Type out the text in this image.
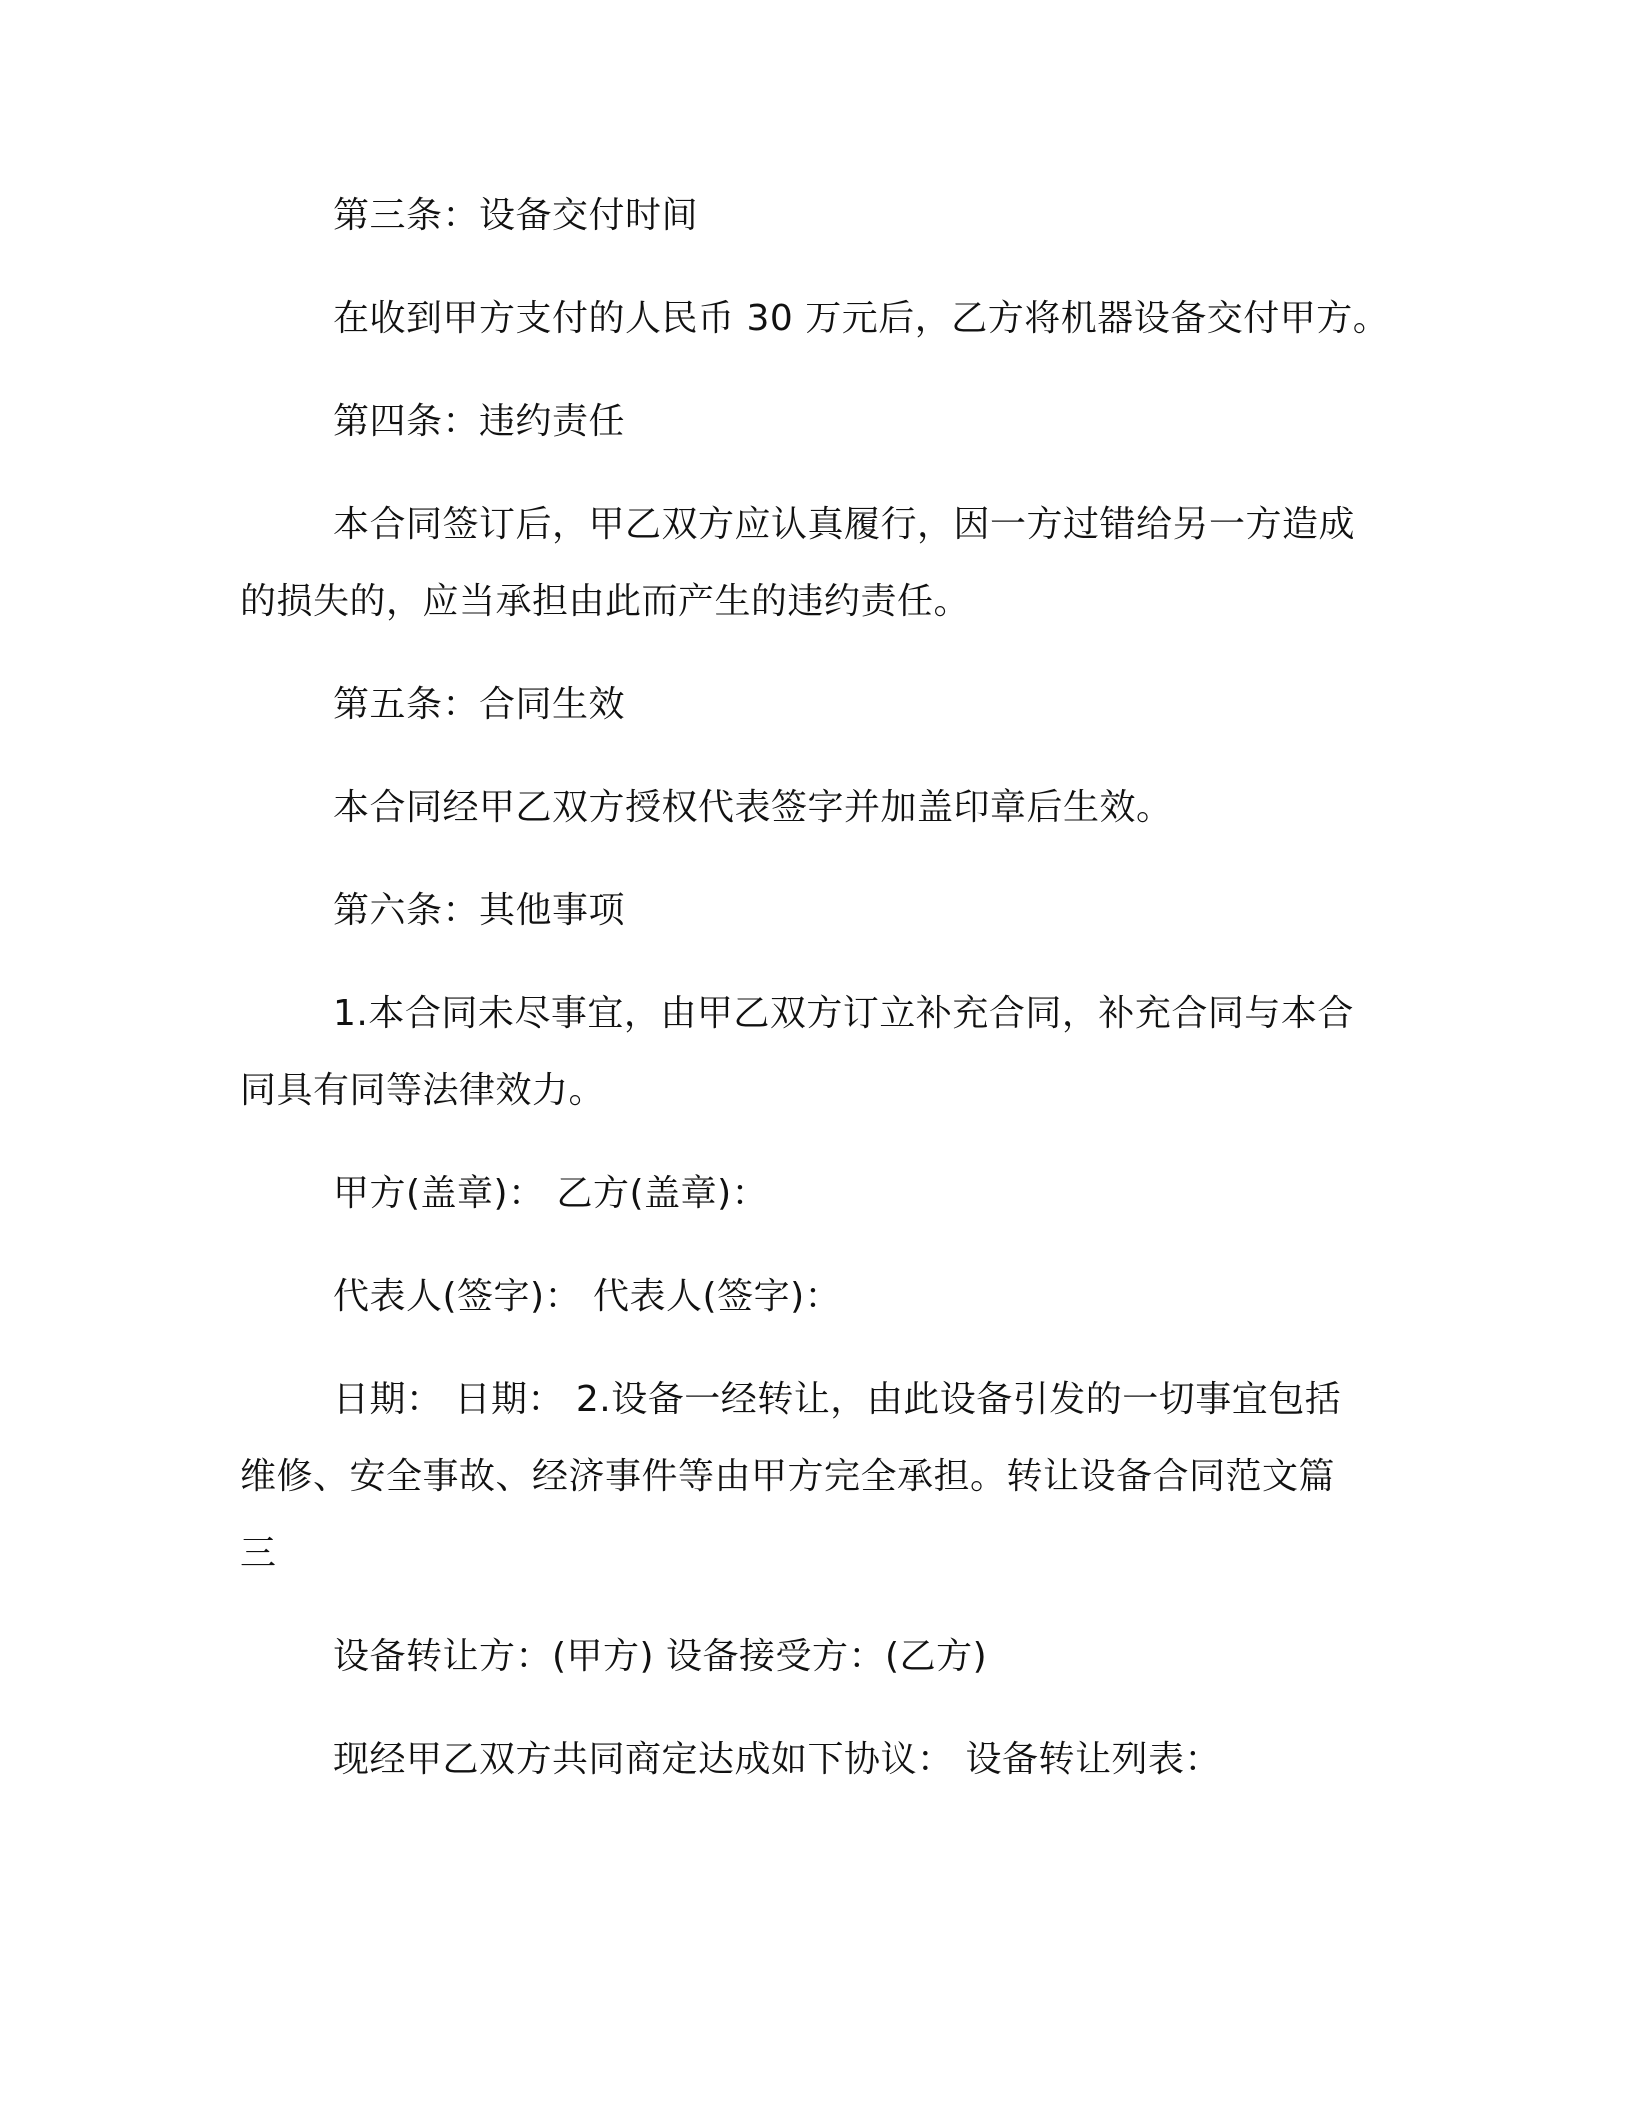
第三条：设备交付时间
在收到甲方支付的人民币 30 万元后，乙方将机器设备交付甲方。
第四条：违约责任
本合同签订后，甲乙双方应认真履行，因一方过错给另一方造成
的损失的，应当承担由此而产生的违约责任。
第五条：合同生效
本合同经甲乙双方授权代表签字并加盖印章后生效。
第六条：其他事项
1.本合同未尽事宜，由甲乙双方订立补充合同，补充合同与本合
同具有同等法律效力。
甲方(盖章)： 乙方(盖章)：
代表人(签字)： 代表人(签字)：
日期： 日期： 2.设备一经转让，由此设备引发的一切事宜包括
维修、安全事故、经济事件等由甲方完全承担。转让设备合同范文篇
三
设备转让方：(甲方) 设备接受方：(乙方)
现经甲乙双方共同商定达成如下协议： 设备转让列表：
